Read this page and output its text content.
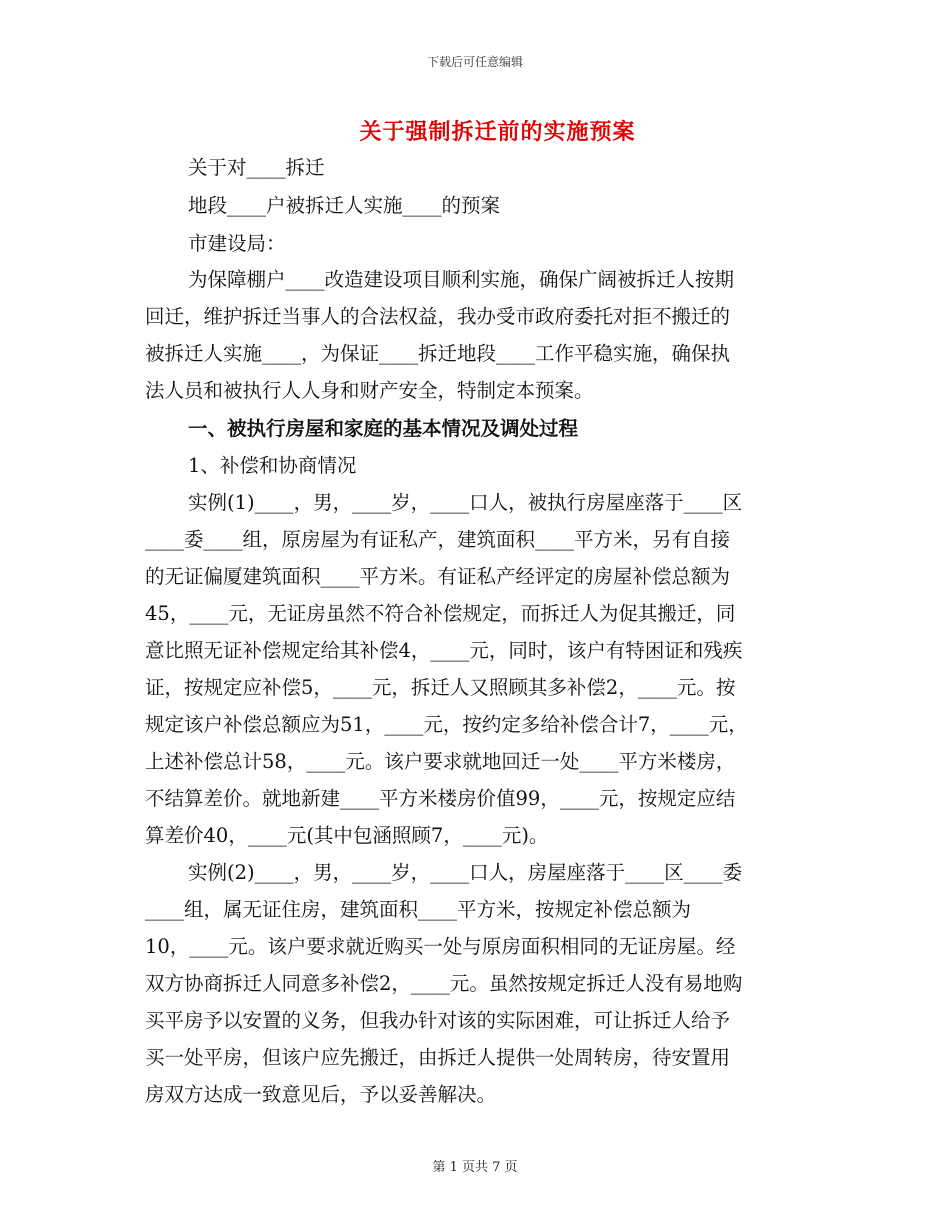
下载后可任意编辑
关于强制拆迁前的实施预案
关于对____拆迁
地段____户被拆迁人实施____的预案
市建设局：
为保障棚户____改造建设项目顺利实施，确保广阔被拆迁人按期
回迁，维护拆迁当事人的合法权益，我办受市政府委托对拒不搬迁的
被拆迁人实施____，为保证____拆迁地段____工作平稳实施，确保执
法人员和被执行人人身和财产安全，特制定本预案。
一、被执行房屋和家庭的基本情况及调处过程
1、补偿和协商情况
实例(1)____，男，____岁，____口人，被执行房屋座落于____区
____委____组，原房屋为有证私产，建筑面积____平方米，另有自接
的无证偏厦建筑面积____平方米。有证私产经评定的房屋补偿总额为
45，____元，无证房虽然不符合补偿规定，而拆迁人为促其搬迁，同
意比照无证补偿规定给其补偿4，____元，同时，该户有特困证和残疾
证，按规定应补偿5，____元，拆迁人又照顾其多补偿2，____元。按
规定该户补偿总额应为51，____元，按约定多给补偿合计7，____元，
上述补偿总计58，____元。该户要求就地回迁一处____平方米楼房，
不结算差价。就地新建____平方米楼房价值99，____元，按规定应结
算差价40，____元(其中包涵照顾7，____元)。
实例(2)____，男，____岁，____口人，房屋座落于____区____委
____组，属无证住房，建筑面积____平方米，按规定补偿总额为
10，____元。该户要求就近购买一处与原房面积相同的无证房屋。经
双方协商拆迁人同意多补偿2，____元。虽然按规定拆迁人没有易地购
买平房予以安置的义务，但我办针对该的实际困难，可让拆迁人给予
买一处平房，但该户应先搬迁，由拆迁人提供一处周转房，待安置用
房双方达成一致意见后，予以妥善解决。
第 1 页共 7 页
